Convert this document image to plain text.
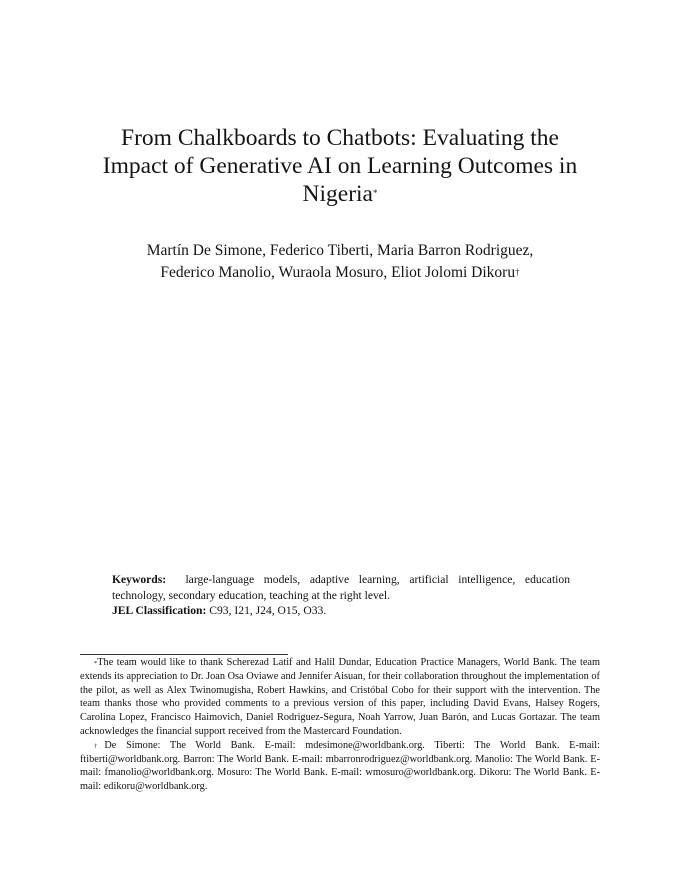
From Chalkboards to Chatbots: Evaluating the
Impact of Generative AI on Learning Outcomes in
Nigeria*
Martín De Simone, Federico Tiberti, Maria Barron Rodriguez,
Federico Manolio, Wuraola Mosuro, Eliot Jolomi Dikoru†
Keywords: large-language models, adaptive learning, artificial intelligence, education technology, secondary education, teaching at the right level.
JEL Classification: C93, I21, J24, O15, O33.

*The team would like to thank Scherezad Latif and Halil Dundar, Education Practice Managers, World Bank. The team extends its appreciation to Dr. Joan Osa Oviawe and Jennifer Aisuan, for their collaboration throughout the implementation of the pilot, as well as Alex Twinomugisha, Robert Hawkins, and Cristóbal Cobo for their support with the intervention. The team thanks those who provided comments to a previous version of this paper, including David Evans, Halsey Rogers, Carolina Lopez, Francisco Haimovich, Daniel Rodriguez-Segura, Noah Yarrow, Juan Barón, and Lucas Gortazar. The team acknowledges the financial support received from the Mastercard Foundation.

†De Simone: The World Bank. E-mail: mdesimone@worldbank.org. Tiberti: The World Bank. E-mail: ftiberti@worldbank.org. Barron: The World Bank. E-mail: mbarronrodriguez@worldbank.org. Manolio: The World Bank. E-mail: fmanolio@worldbank.org. Mosuro: The World Bank. E-mail: wmosuro@worldbank.org. Dikoru: The World Bank. E-mail: edikoru@worldbank.org.
